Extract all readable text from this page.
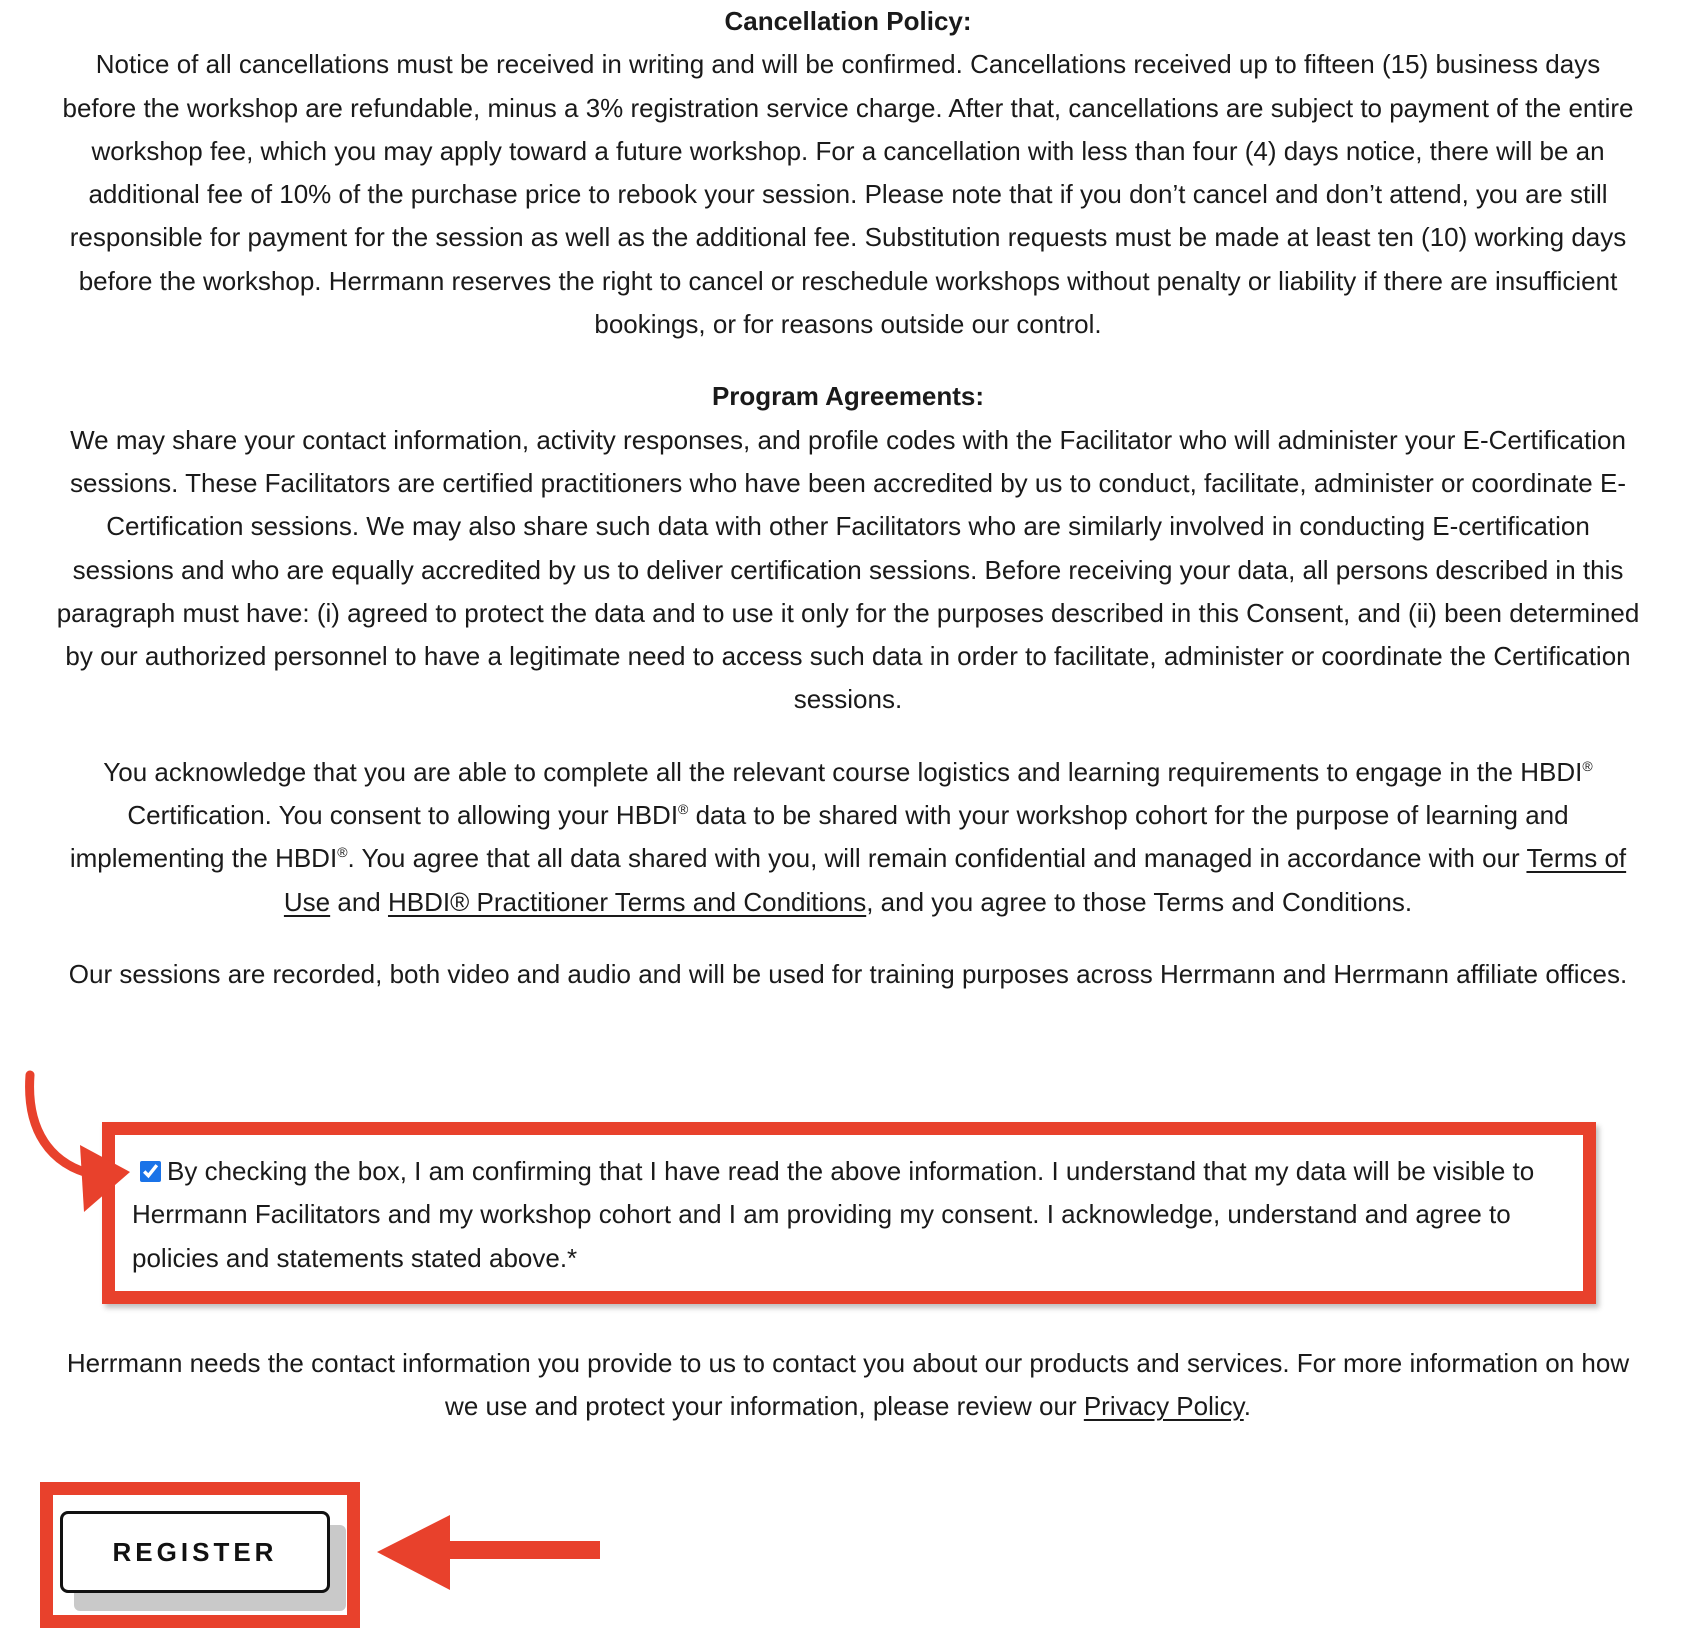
Cancellation Policy:

Notice of all cancellations must be received in writing and will be confirmed. Cancellations received up to fifteen (15) business days before the workshop are refundable, minus a 3% registration service charge. After that, cancellations are subject to payment of the entire workshop fee, which you may apply toward a future workshop. For a cancellation with less than four (4) days notice, there will be an additional fee of 10% of the purchase price to rebook your session. Please note that if you don’t cancel and don’t attend, you are still responsible for payment for the session as well as the additional fee. Substitution requests must be made at least ten (10) working days before the workshop. Herrmann reserves the right to cancel or reschedule workshops without penalty or liability if there are insufficient bookings, or for reasons outside our control.

Program Agreements:

We may share your contact information, activity responses, and profile codes with the Facilitator who will administer your E-Certification sessions. These Facilitators are certified practitioners who have been accredited by us to conduct, facilitate, administer or coordinate E-Certification sessions. We may also share such data with other Facilitators who are similarly involved in conducting E-certification sessions and who are equally accredited by us to deliver certification sessions. Before receiving your data, all persons described in this paragraph must have: (i) agreed to protect the data and to use it only for the purposes described in this Consent, and (ii) been determined by our authorized personnel to have a legitimate need to access such data in order to facilitate, administer or coordinate the Certification sessions.

You acknowledge that you are able to complete all the relevant course logistics and learning requirements to engage in the HBDI® Certification. You consent to allowing your HBDI® data to be shared with your workshop cohort for the purpose of learning and implementing the HBDI®. You agree that all data shared with you, will remain confidential and managed in accordance with our Terms of Use and HBDI® Practitioner Terms and Conditions, and you agree to those Terms and Conditions.

Our sessions are recorded, both video and audio and will be used for training purposes across Herrmann and Herrmann affiliate offices.

By checking the box, I am confirming that I have read the above information. I understand that my data will be visible to Herrmann Facilitators and my workshop cohort and I am providing my consent. I acknowledge, understand and agree to policies and statements stated above.*
Herrmann needs the contact information you provide to us to contact you about our products and services. For more information on how we use and protect your information, please review our Privacy Policy.
REGISTER
